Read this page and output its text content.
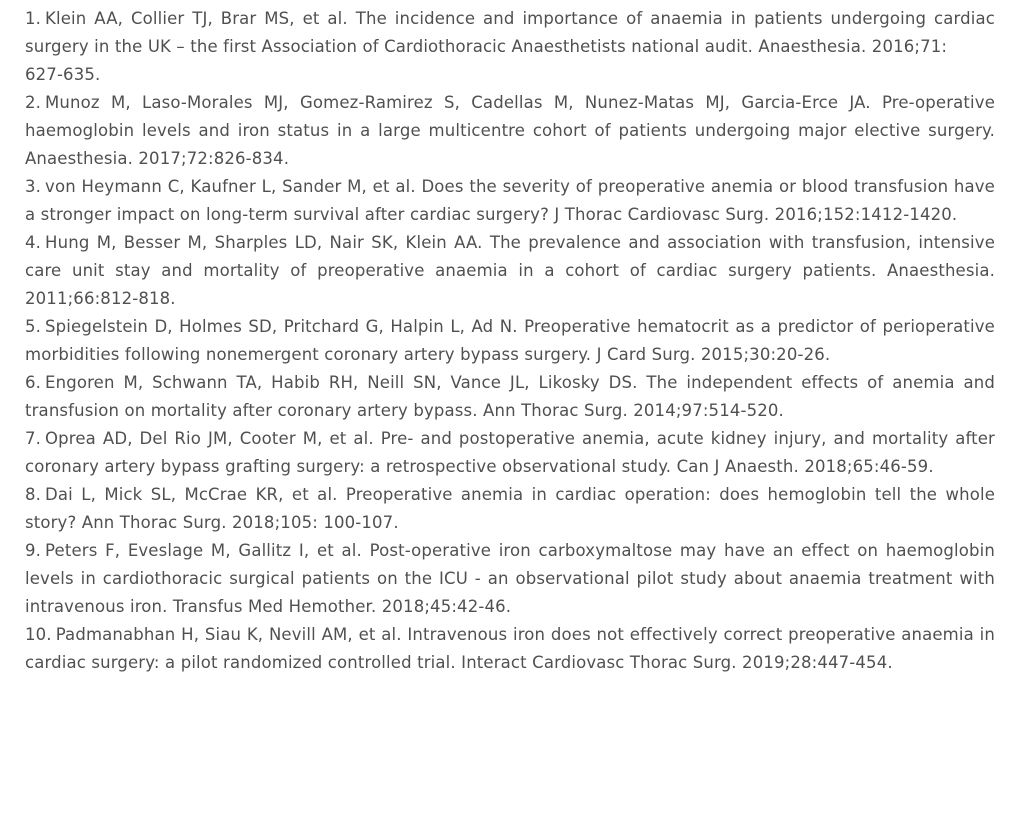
1. Klein AA, Collier TJ, Brar MS, et al. The incidence and importance of anaemia in patients undergoing cardiac surgery in the UK – the first Association of Cardiothoracic Anaesthetists national audit. Anaesthesia. 2016;71:
627-635.
2. Munoz M, Laso-Morales MJ, Gomez-Ramirez S, Cadellas M, Nunez-Matas MJ, Garcia-Erce JA. Pre-operative haemoglobin levels and iron status in a large multicentre cohort of patients undergoing major elective surgery. Anaesthesia. 2017;72:826-834.
3. von Heymann C, Kaufner L, Sander M, et al. Does the severity of preoperative anemia or blood transfusion have a stronger impact on long-term survival after cardiac surgery? J Thorac Cardiovasc Surg. 2016;152:1412-1420.
4. Hung M, Besser M, Sharples LD, Nair SK, Klein AA. The prevalence and association with transfusion, intensive care unit stay and mortality of preoperative anaemia in a cohort of cardiac surgery patients. Anaesthesia. 2011;66:812-818.
5. Spiegelstein D, Holmes SD, Pritchard G, Halpin L, Ad N. Preoperative hematocrit as a predictor of perioperative morbidities following nonemergent coronary artery bypass surgery. J Card Surg. 2015;30:20-26.
6. Engoren M, Schwann TA, Habib RH, Neill SN, Vance JL, Likosky DS. The independent effects of anemia and transfusion on mortality after coronary artery bypass. Ann Thorac Surg. 2014;97:514-520.
7. Oprea AD, Del Rio JM, Cooter M, et al. Pre- and postoperative anemia, acute kidney injury, and mortality after coronary artery bypass grafting surgery: a retrospective observational study. Can J Anaesth. 2018;65:46-59.
8. Dai L, Mick SL, McCrae KR, et al. Preoperative anemia in cardiac operation: does hemoglobin tell the whole story? Ann Thorac Surg. 2018;105: 100-107.
9. Peters F, Eveslage M, Gallitz I, et al. Post-operative iron carboxymaltose may have an effect on haemoglobin levels in cardiothoracic surgical patients on the ICU - an observational pilot study about anaemia treatment with intravenous iron. Transfus Med Hemother. 2018;45:42-46.
10. Padmanabhan H, Siau K, Nevill AM, et al. Intravenous iron does not effectively correct preoperative anaemia in cardiac surgery: a pilot randomized controlled trial. Interact Cardiovasc Thorac Surg. 2019;28:447-454.
